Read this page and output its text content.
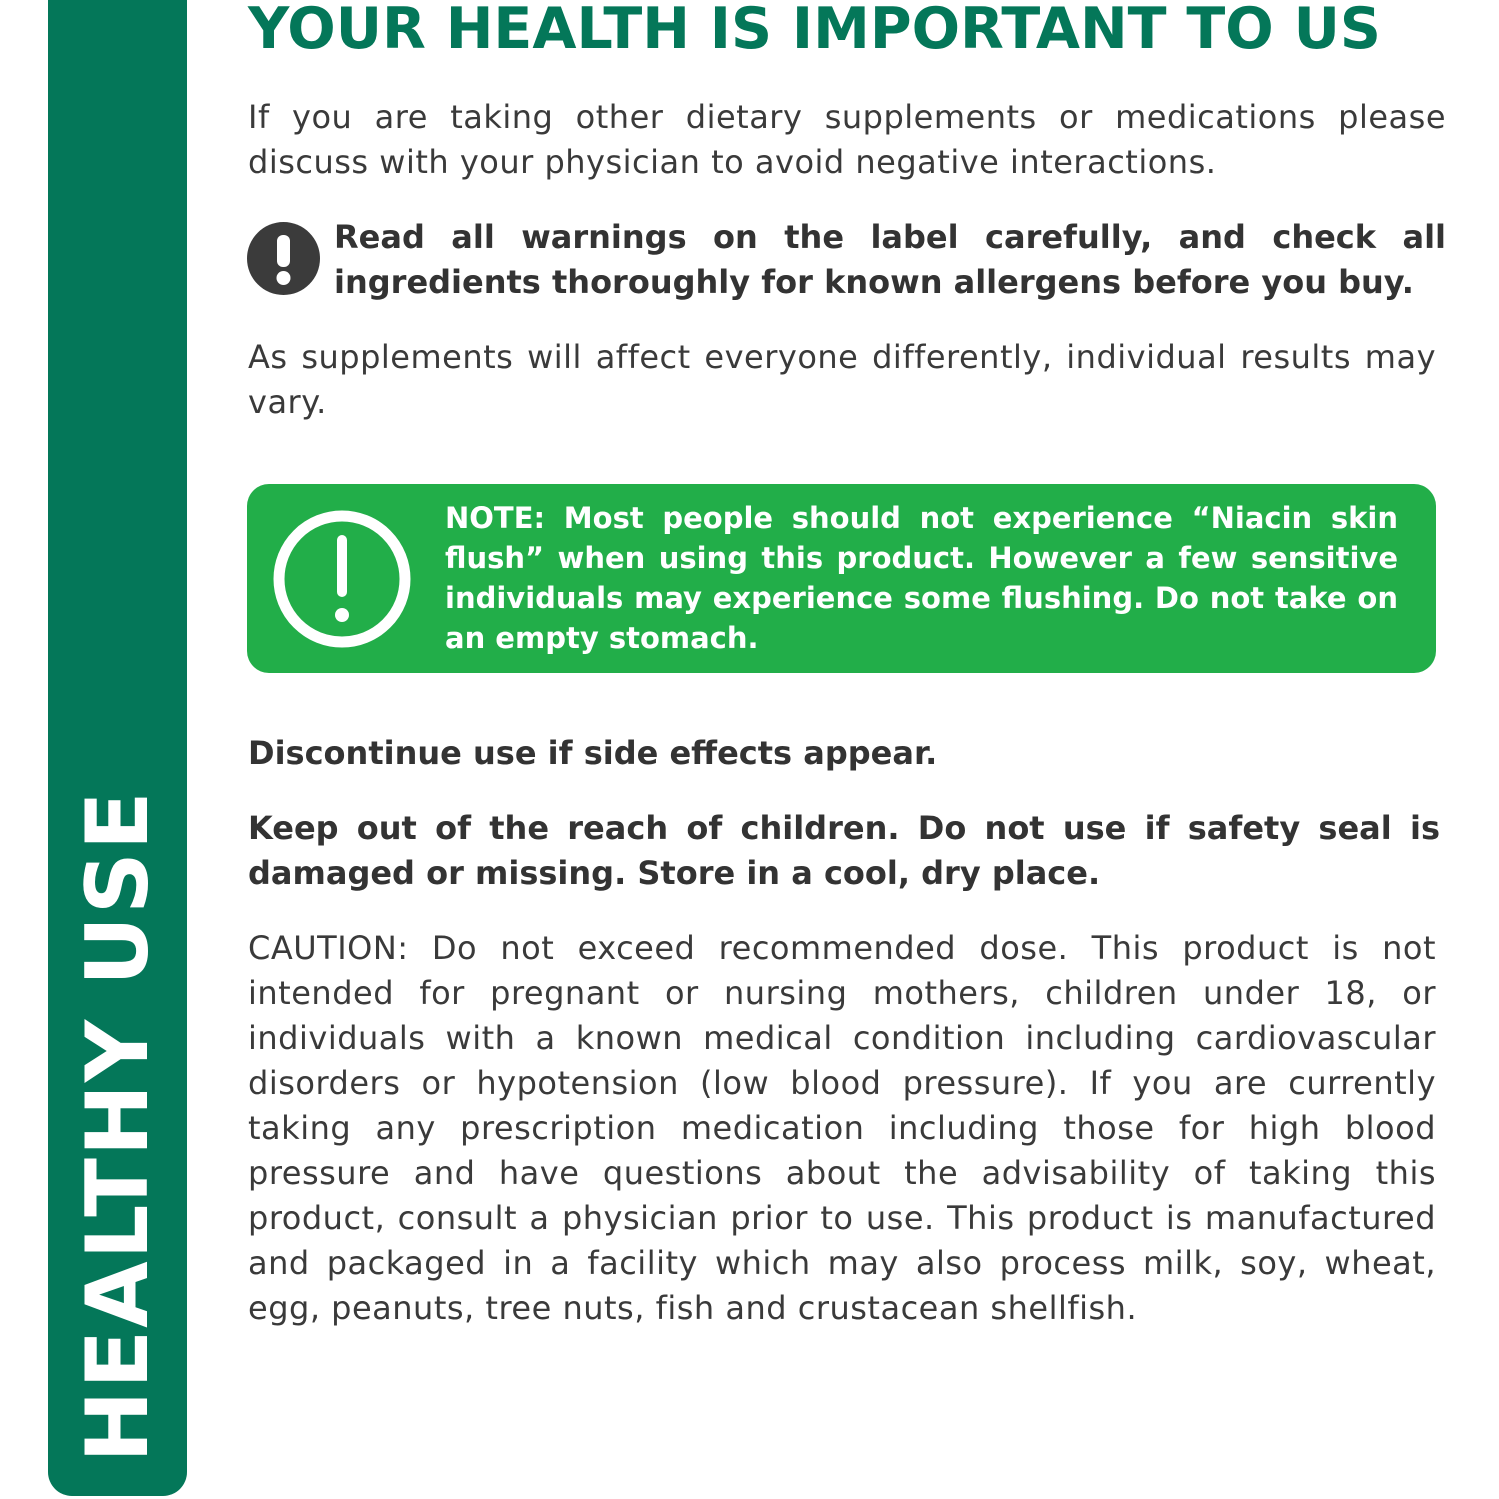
HEALTHY USE
YOUR HEALTH IS IMPORTANT TO US

If you are taking other dietary supplements or medications please discuss with your physician to avoid negative interactions.

Read all warnings on the label carefully, and check all ingredients thoroughly for known allergens before you buy.

As supplements will affect everyone differently, individual results may vary.

NOTE: Most people should not experience “Niacin skin flush” when using this product. However a few sensitive individuals may experience some flushing. Do not take on an empty stomach.

Discontinue use if side effects appear.

Keep out of the reach of children. Do not use if safety seal is damaged or missing. Store in a cool, dry place.

CAUTION: Do not exceed recommended dose. This product is not intended for pregnant or nursing mothers, children under 18, or individuals with a known medical condition including cardiovascular disorders or hypotension (low blood pressure). If you are currently taking any prescription medication including those for high blood pressure and have questions about the advisability of taking this product, consult a physician prior to use. This product is manufactured and packaged in a facility which may also process milk, soy, wheat, egg, peanuts, tree nuts, fish and crustacean shellfish.
